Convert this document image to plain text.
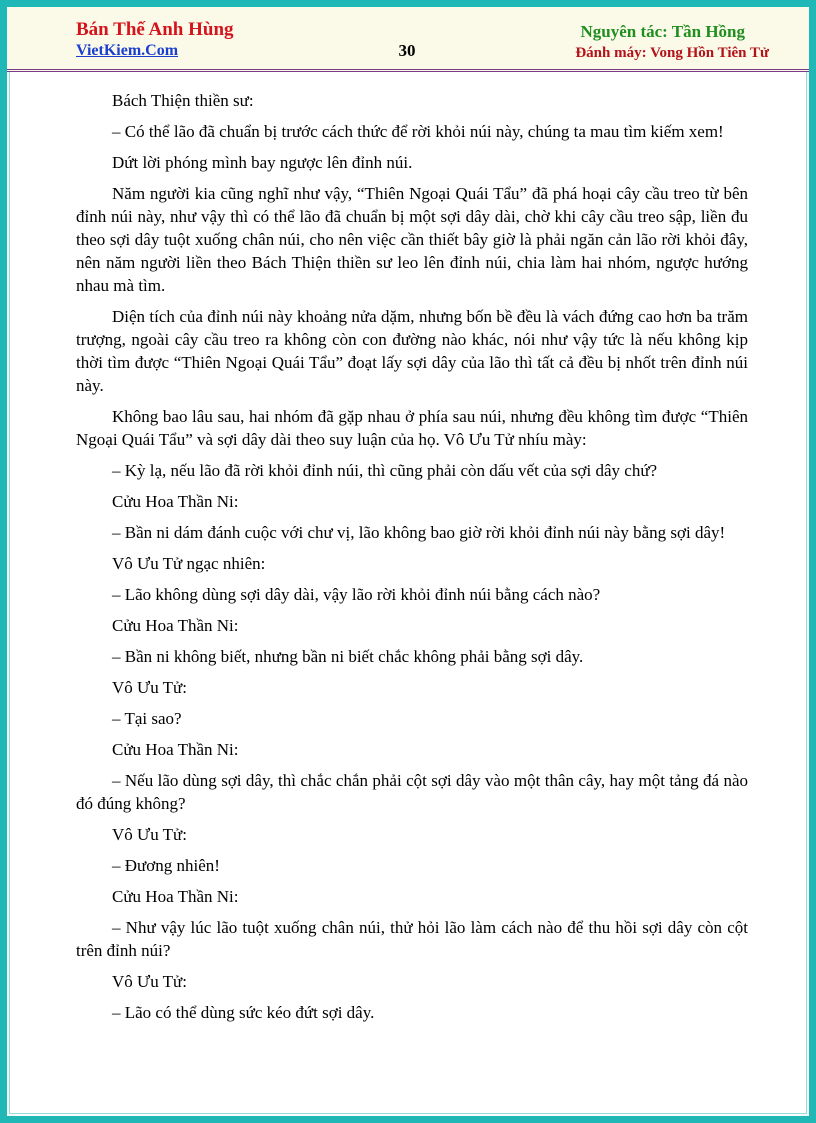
Bán Thế Anh Hùng
VietKiem.Com	30
Nguyên tác: Tần Hồng
Đánh máy: Vong Hồn Tiên Tử

Bách Thiện thiền sư:

– Có thể lão đã chuẩn bị trước cách thức để rời khỏi núi này, chúng ta mau tìm kiếm xem!

Dứt lời phóng mình bay ngược lên đỉnh núi.

Năm người kia cũng nghĩ như vậy, “Thiên Ngoại Quái Tẩu” đã phá hoại cây cầu treo từ bên đỉnh núi này, như vậy thì có thể lão đã chuẩn bị một sợi dây dài, chờ khi cây cầu treo sập, liền đu theo sợi dây tuột xuống chân núi, cho nên việc cần thiết bây giờ là phải ngăn cản lão rời khỏi đây, nên năm người liền theo Bách Thiện thiền sư leo lên đỉnh núi, chia làm hai nhóm, ngược hướng nhau mà tìm.

Diện tích của đỉnh núi này khoảng nửa dặm, nhưng bốn bề đều là vách đứng cao hơn ba trăm trượng, ngoài cây cầu treo ra không còn con đường nào khác, nói như vậy tức là nếu không kịp thời tìm được “Thiên Ngoại Quái Tẩu” đoạt lấy sợi dây của lão thì tất cả đều bị nhốt trên đỉnh núi này.

Không bao lâu sau, hai nhóm đã gặp nhau ở phía sau núi, nhưng đều không tìm được “Thiên Ngoại Quái Tẩu” và sợi dây dài theo suy luận của họ. Vô Ưu Tử nhíu mày:

– Kỳ lạ, nếu lão đã rời khỏi đỉnh núi, thì cũng phải còn dấu vết của sợi dây chứ?

Cửu Hoa Thần Ni:

– Bần ni dám đánh cuộc với chư vị, lão không bao giờ rời khỏi đỉnh núi này bằng sợi dây!

Vô Ưu Tử ngạc nhiên:

– Lão không dùng sợi dây dài, vậy lão rời khỏi đỉnh núi bằng cách nào?

Cửu Hoa Thần Ni:

– Bần ni không biết, nhưng bần ni biết chắc không phải bằng sợi dây.

Vô Ưu Tử:

– Tại sao?

Cửu Hoa Thần Ni:

– Nếu lão dùng sợi dây, thì chắc chắn phải cột sợi dây vào một thân cây, hay một tảng đá nào đó đúng không?

Vô Ưu Tử:

– Đương nhiên!

Cửu Hoa Thần Ni:

– Như vậy lúc lão tuột xuống chân núi, thử hỏi lão làm cách nào để thu hồi sợi dây còn cột trên đỉnh núi?

Vô Ưu Tử:

– Lão có thể dùng sức kéo đứt sợi dây.
